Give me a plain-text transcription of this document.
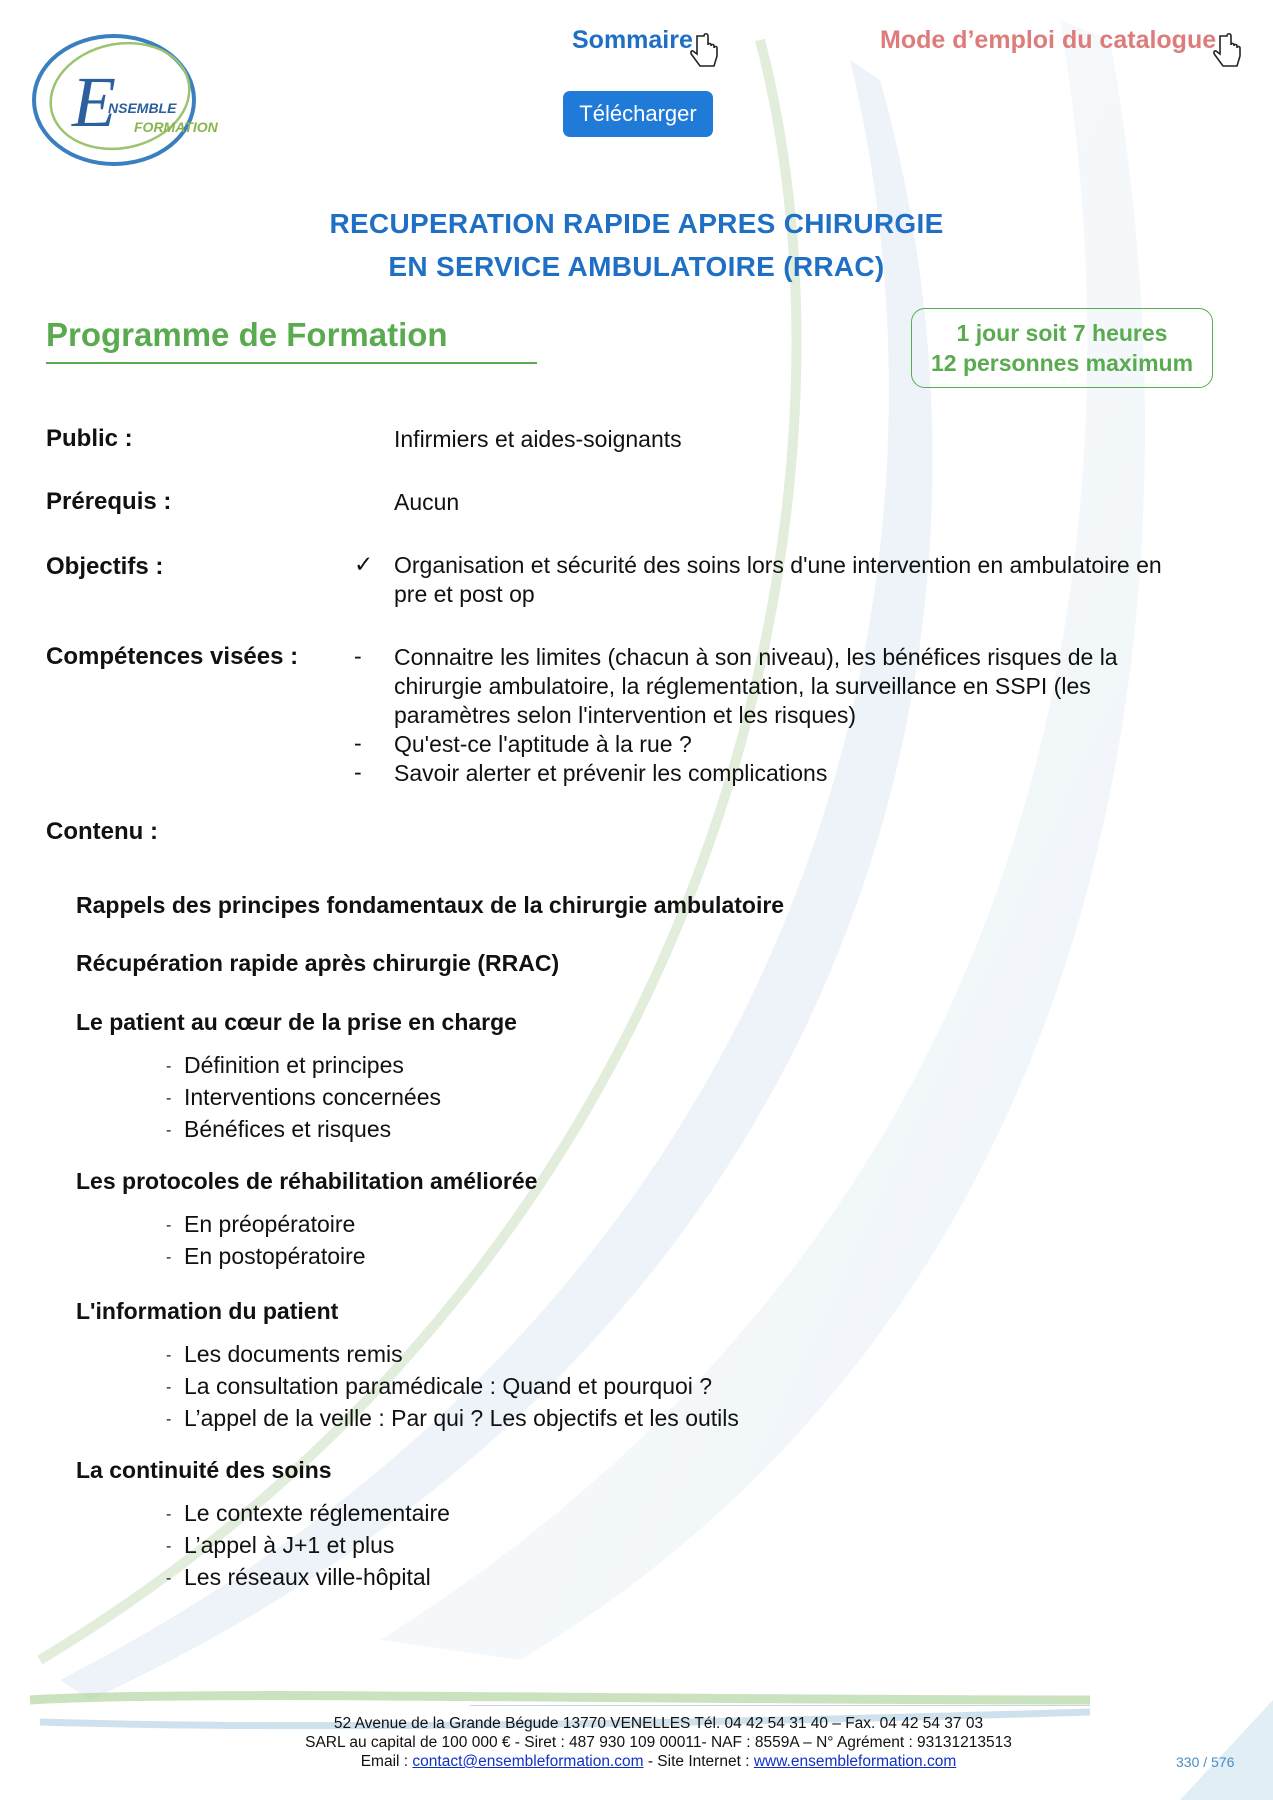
E
NSEMBLE
FORMATION
Sommaire	Mode d’emploi du catalogue
Télécharger
RECUPERATION RAPIDE APRES CHIRURGIE
EN SERVICE AMBULATOIRE (RRAC)
Programme de Formation	1 jour soit 7 heures
12 personnes maximum
Public :	Infirmiers et aides-soignants
Prérequis :	Aucun
Objectifs :	✓ Organisation et sécurité des soins lors d'une intervention en ambulatoire en
pre et post op
Compétences visées : - Connaitre les limites (chacun à son niveau), les bénéfices risques de la
chirurgie ambulatoire, la réglementation, la surveillance en SSPI (les
paramètres selon l'intervention et les risques)
- Qu'est-ce l'aptitude à la rue ?
- Savoir alerter et prévenir les complications
Contenu :
Rappels des principes fondamentaux de la chirurgie ambulatoire
Récupération rapide après chirurgie (RRAC)
Le patient au cœur de la prise en charge
- Définition et principes
- Interventions concernées
- Bénéfices et risques
Les protocoles de réhabilitation améliorée
- En préopératoire
- En postopératoire
L'information du patient
- Les documents remis
- La consultation paramédicale : Quand et pourquoi ?
- L’appel de la veille : Par qui ? Les objectifs et les outils
La continuité des soins
- Le contexte réglementaire
- L’appel à J+1 et plus
- Les réseaux ville-hôpital
52 Avenue de la Grande Bégude 13770 VENELLES Tél. 04 42 54 31 40 – Fax. 04 42 54 37 03
SARL au capital de 100 000 € - Siret : 487 930 109 00011- NAF : 8559A – N° Agrément : 93131213513
Email : contact@ensembleformation.com - Site Internet : www.ensembleformation.com	330 / 576
